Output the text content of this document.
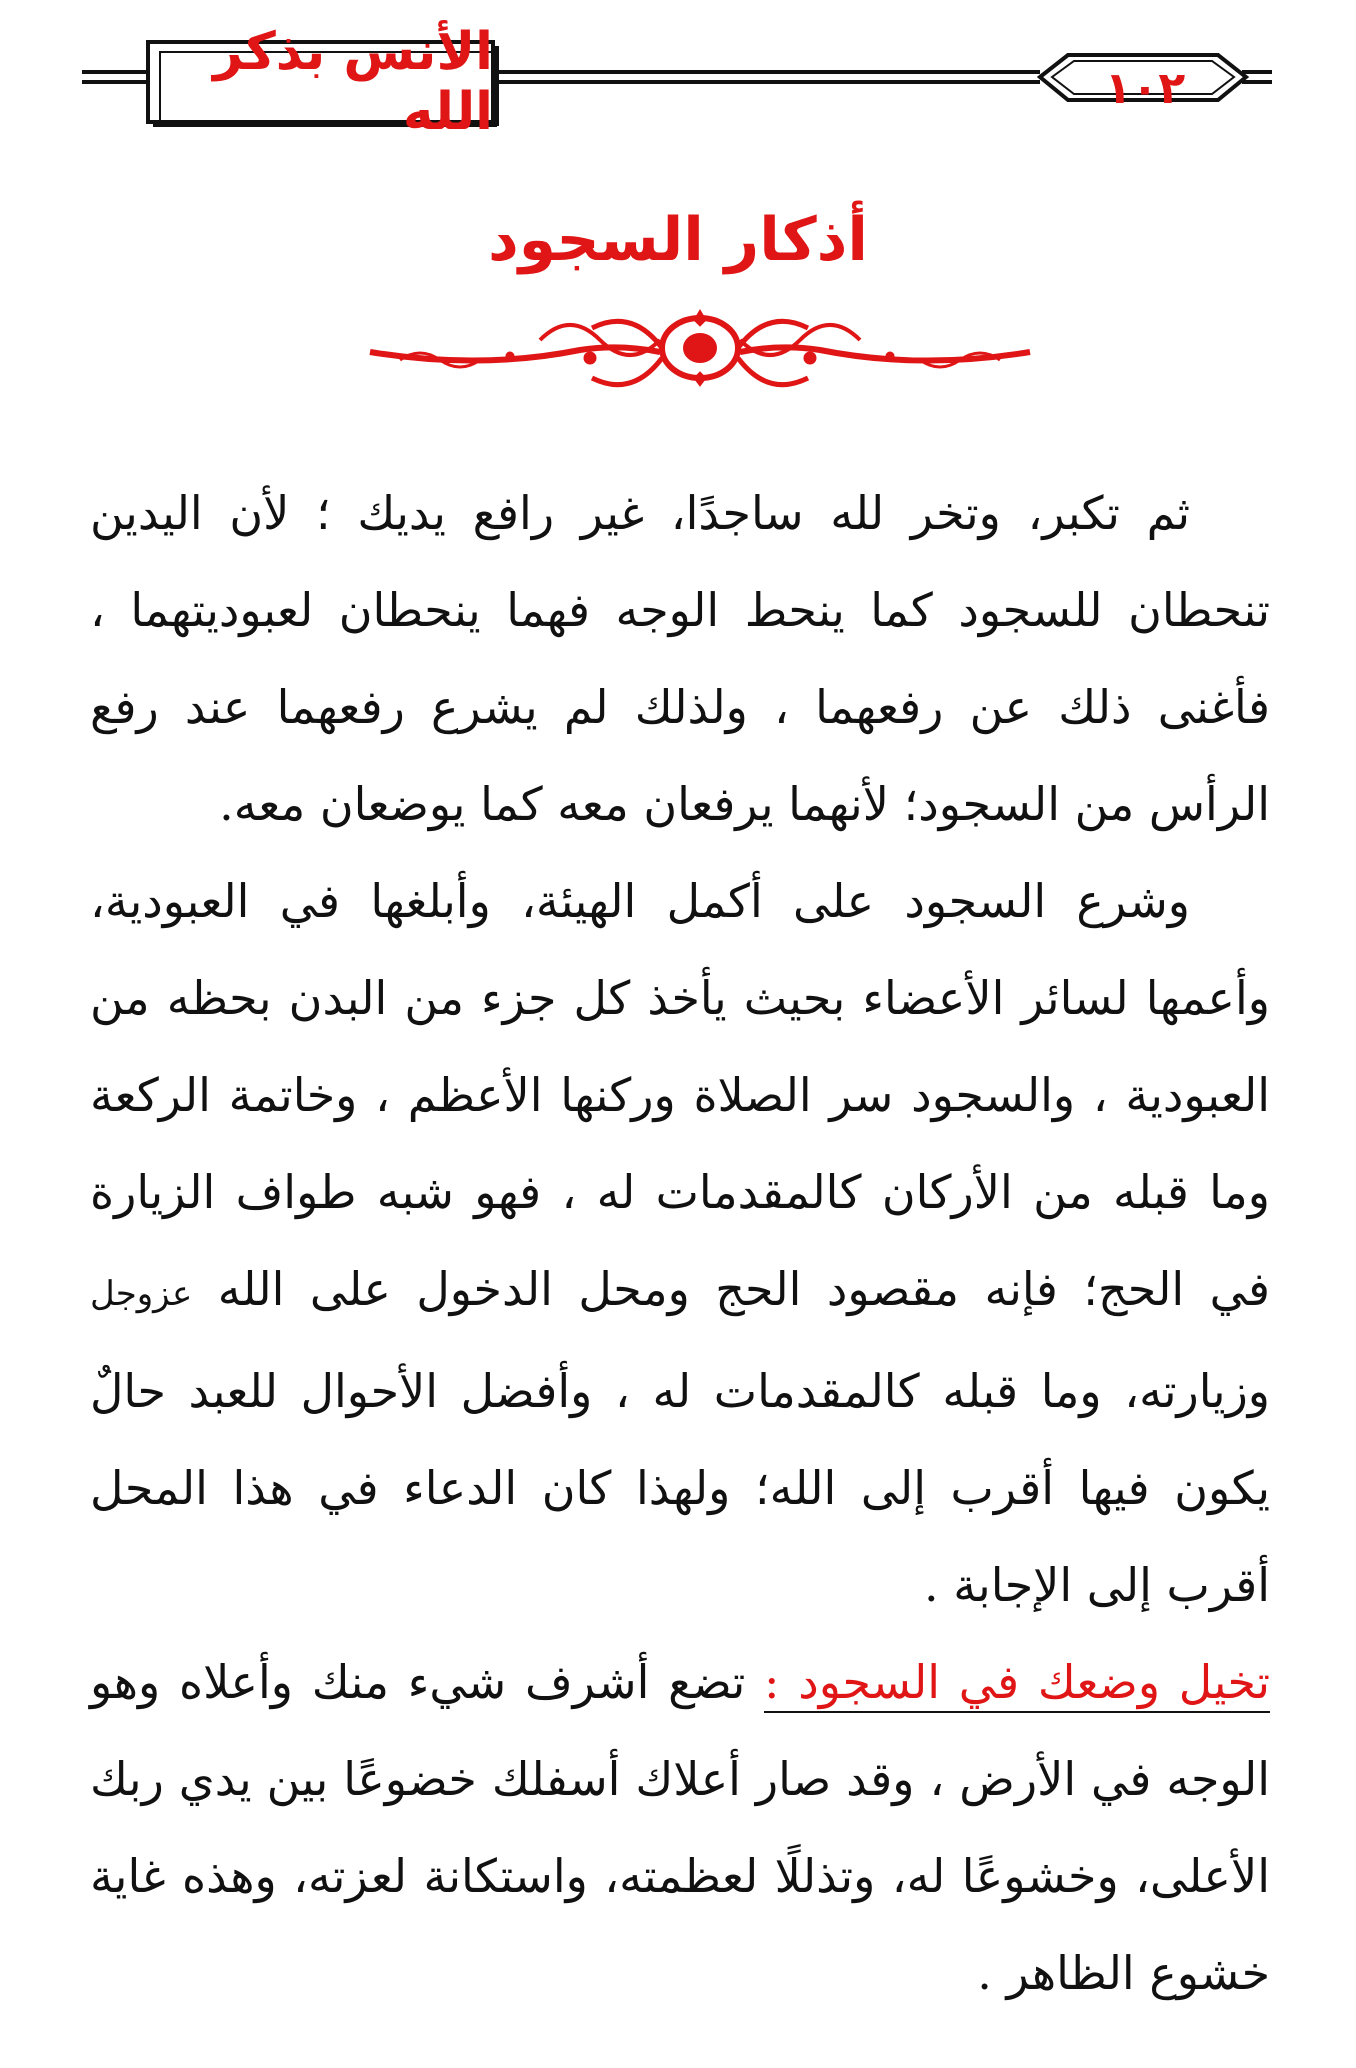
الأنس بذكر الله	١٠٢
أذكار السجود

ثم تكبر، وتخر لله ساجدًا، غير رافع يديك ؛ لأن اليدين تنحطان للسجود كما ينحط الوجه فهما ينحطان لعبوديتهما ، فأغنى ذلك عن رفعهما ، ولذلك لم يشرع رفعهما عند رفع الرأس من السجود؛ لأنهما يرفعان معه كما يوضعان معه.

وشرع السجود على أكمل الهيئة، وأبلغها في العبودية، وأعمها لسائر الأعضاء بحيث يأخذ كل جزء من البدن بحظه من العبودية ، والسجود سر الصلاة وركنها الأعظم ، وخاتمة الركعة وما قبله من الأركان كالمقدمات له ، فهو شبه طواف الزيارة في الحج؛ فإنه مقصود الحج ومحل الدخول على الله عزوجل وزيارته، وما قبله كالمقدمات له ، وأفضل الأحوال للعبد حالٌ يكون فيها أقرب إلى الله؛ ولهذا كان الدعاء في هذا المحل أقرب إلى الإجابة .

تخيل وضعك في السجود : تضع أشرف شيء منك وأعلاه وهو الوجه في الأرض ، وقد صار أعلاك أسفلك خضوعًا بين يدي ربك الأعلى، وخشوعًا له، وتذللًا لعظمته، واستكانة لعزته، وهذه غاية خشوع الظاهر .
